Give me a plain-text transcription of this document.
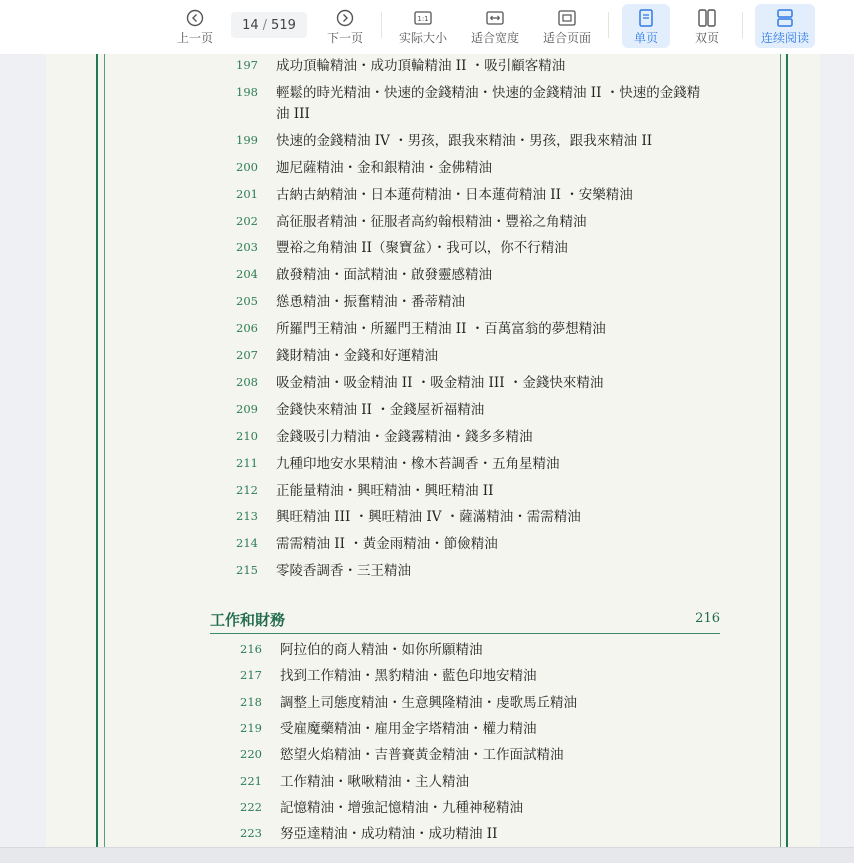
上一页
14 / 519
下一页
1:1
实际大小 适合宽度 适合页面	单页	双页	连续阅读
197	成功頂輪精油・成功頂輪精油 II ・吸引顧客精油
198	輕鬆的時光精油・快速的金錢精油・快速的金錢精油 II ・快速的金錢精
油 III
199	快速的金錢精油 IV ・男孩，跟我來精油・男孩，跟我來精油 II
200	迦尼薩精油・金和銀精油・金佛精油
201	古納古納精油・日本蓮荷精油・日本蓮荷精油 II ・安樂精油
202	高征服者精油・征服者高約翰根精油・豐裕之角精油
203	豐裕之角精油 II（聚寶盆）・我可以，你不行精油
204	啟發精油・面試精油・啟發靈感精油
205	慫恿精油・振奮精油・番蒂精油
206	所羅門王精油・所羅門王精油 II ・百萬富翁的夢想精油
207	錢財精油・金錢和好運精油
208	吸金精油・吸金精油 II ・吸金精油 III ・金錢快來精油
209	金錢快來精油 II ・金錢屋祈福精油
210	金錢吸引力精油・金錢霧精油・錢多多精油
211	九種印地安水果精油・橡木苔調香・五角星精油
212	正能量精油・興旺精油・興旺精油 II
213	興旺精油 III ・興旺精油 IV ・薩滿精油・需需精油
214	需需精油 II ・黃金雨精油・節儉精油
215	零陵香調香・三王精油
工作和財務	216
216	阿拉伯的商人精油・如你所願精油
217	找到工作精油・黑豹精油・藍色印地安精油
218	調整上司態度精油・生意興隆精油・虔歌馬丘精油
219	受雇魔藥精油・雇用金字塔精油・權力精油
220	慾望火焰精油・吉普賽黃金精油・工作面試精油
221	工作精油・啾啾精油・主人精油
222	記憶精油・增強記憶精油・九種神秘精油
223	努亞達精油・成功精油・成功精油 II
